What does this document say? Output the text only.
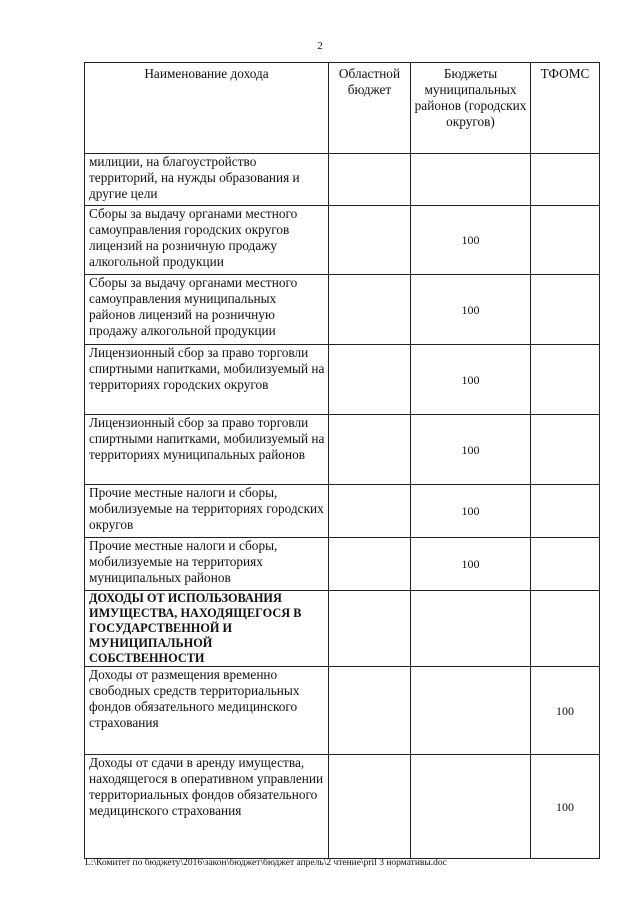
2
Наименование дохода	Областной бюджет	Бюджеты муниципальных районов (городских округов)	ТФОМС
милиции, на благоустройство территорий, на нужды образования и другие цели			
Сборы за выдачу органами местного самоуправления городских округов лицензий на розничную продажу алкогольной продукции		100	
Сборы за выдачу органами местного самоуправления муниципальных районов лицензий на розничную продажу алкогольной продукции		100	
Лицензионный сбор за право торговли спиртными напитками, мобилизуемый на территориях городских округов		100	
Лицензионный сбор за право торговли спиртными напитками, мобилизуемый на территориях муниципальных районов		100	
Прочие местные налоги и сборы, мобилизуемые на территориях городских округов		100	
Прочие местные налоги и сборы, мобилизуемые на территориях муниципальных районов		100	
ДОХОДЫ ОТ ИСПОЛЬЗОВАНИЯ ИМУЩЕСТВА, НАХОДЯЩЕГОСЯ В ГОСУДАРСТВЕННОЙ И МУНИЦИПАЛЬНОЙ СОБСТВЕННОСТИ			
Доходы от размещения временно свободных средств территориальных фондов обязательного медицинского страхования			100
Доходы от сдачи в аренду имущества, находящегося в оперативном управлении территориальных фондов обязательного медицинского страхования			100
L:\Комитет по бюджету\2016\закон\бюджет\бюджет апрель\2 чтение\pril 3 нормативы.doc
